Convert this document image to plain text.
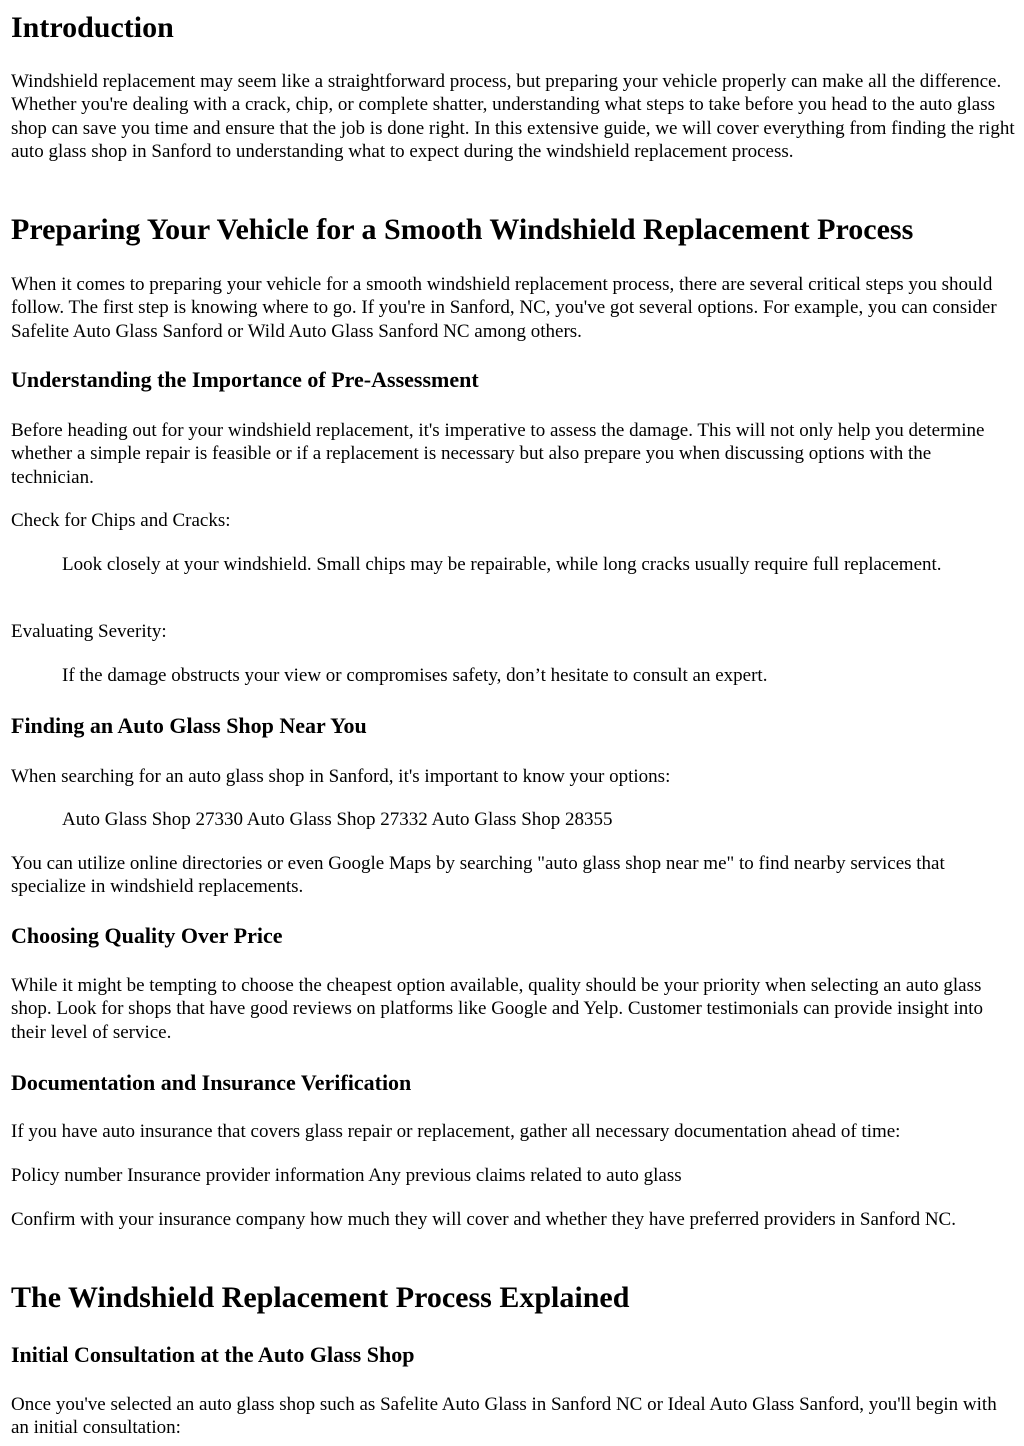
Introduction

Windshield replacement may seem like a straightforward process, but preparing your vehicle properly can make all the difference. Whether you're dealing with a crack, chip, or complete shatter, understanding what steps to take before you head to the auto glass shop can save you time and ensure that the job is done right. In this extensive guide, we will cover everything from finding the right auto glass shop in Sanford to understanding what to expect during the windshield replacement process.

Preparing Your Vehicle for a Smooth Windshield Replacement Process

When it comes to preparing your vehicle for a smooth windshield replacement process, there are several critical steps you should follow. The first step is knowing where to go. If you're in Sanford, NC, you've got several options. For example, you can consider Safelite Auto Glass Sanford or Wild Auto Glass Sanford NC among others.

Understanding the Importance of Pre-Assessment

Before heading out for your windshield replacement, it's imperative to assess the damage. This will not only help you determine whether a simple repair is feasible or if a replacement is necessary but also prepare you when discussing options with the technician.

Check for Chips and Cracks:

Look closely at your windshield. Small chips may be repairable, while long cracks usually require full replacement.

Evaluating Severity:

If the damage obstructs your view or compromises safety, don’t hesitate to consult an expert.

Finding an Auto Glass Shop Near You

When searching for an auto glass shop in Sanford, it's important to know your options:

Auto Glass Shop 27330 Auto Glass Shop 27332 Auto Glass Shop 28355

You can utilize online directories or even Google Maps by searching "auto glass shop near me" to find nearby services that specialize in windshield replacements.

Choosing Quality Over Price

While it might be tempting to choose the cheapest option available, quality should be your priority when selecting an auto glass shop. Look for shops that have good reviews on platforms like Google and Yelp. Customer testimonials can provide insight into their level of service.

Documentation and Insurance Verification

If you have auto insurance that covers glass repair or replacement, gather all necessary documentation ahead of time:

Policy number Insurance provider information Any previous claims related to auto glass

Confirm with your insurance company how much they will cover and whether they have preferred providers in Sanford NC.

The Windshield Replacement Process Explained
Initial Consultation at the Auto Glass Shop

Once you've selected an auto glass shop such as Safelite Auto Glass in Sanford NC or Ideal Auto Glass Sanford, you'll begin with an initial consultation:
